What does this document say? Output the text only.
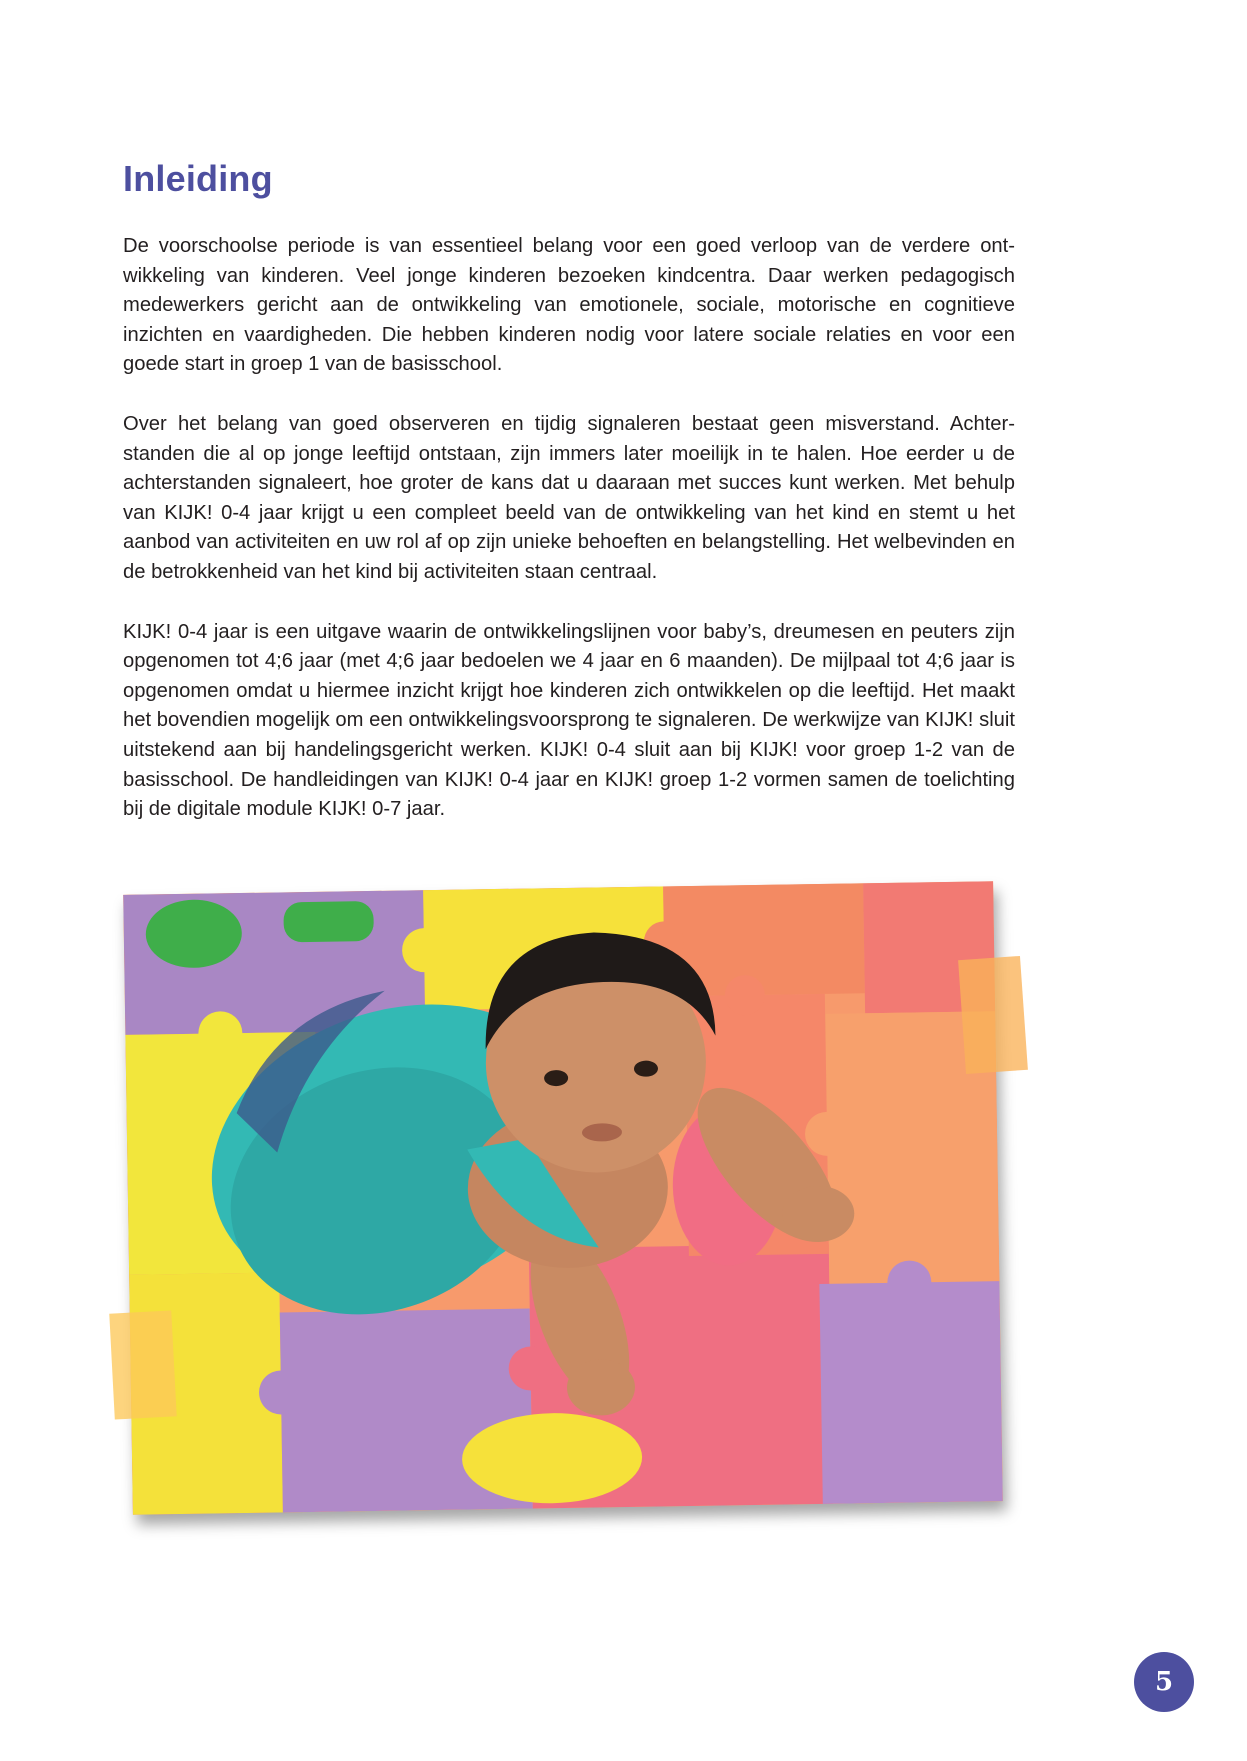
Inleiding

De voorschoolse periode is van essentieel belang voor een goed verloop van de verdere ont-wikkeling van kinderen. Veel jonge kinderen bezoeken kindcentra. Daar werken pedagogisch medewerkers gericht aan de ontwikkeling van emotionele, sociale, motorische en cognitieve inzichten en vaardigheden. Die hebben kinderen nodig voor latere sociale relaties en voor een goede start in groep 1 van de basisschool.

Over het belang van goed observeren en tijdig signaleren bestaat geen misverstand. Achter-standen die al op jonge leeftijd ontstaan, zijn immers later moeilijk in te halen. Hoe eerder u de achterstanden signaleert, hoe groter de kans dat u daaraan met succes kunt werken. Met behulp van KIJK! 0-4 jaar krijgt u een compleet beeld van de ontwikkeling van het kind en stemt u het aanbod van activiteiten en uw rol af op zijn unieke behoeften en belangstelling. Het welbevinden en de betrokkenheid van het kind bij activiteiten staan centraal.

KIJK! 0-4 jaar is een uitgave waarin de ontwikkelingslijnen voor baby’s, dreumesen en peuters zijn opgenomen tot 4;6 jaar (met 4;6 jaar bedoelen we 4 jaar en 6 maanden). De mijlpaal tot 4;6 jaar is opgenomen omdat u hiermee inzicht krijgt hoe kinderen zich ontwikkelen op die leeftijd. Het maakt het bovendien mogelijk om een ontwikkelingsvoorsprong te signaleren. De werkwijze van KIJK! sluit uitstekend aan bij handelingsgericht werken. KIJK! 0-4 sluit aan bij KIJK! voor groep 1-2 van de basisschool. De handleidingen van KIJK! 0-4 jaar en KIJK! groep 1-2 vormen samen de toelichting bij de digitale module KIJK! 0-7 jaar.

5
